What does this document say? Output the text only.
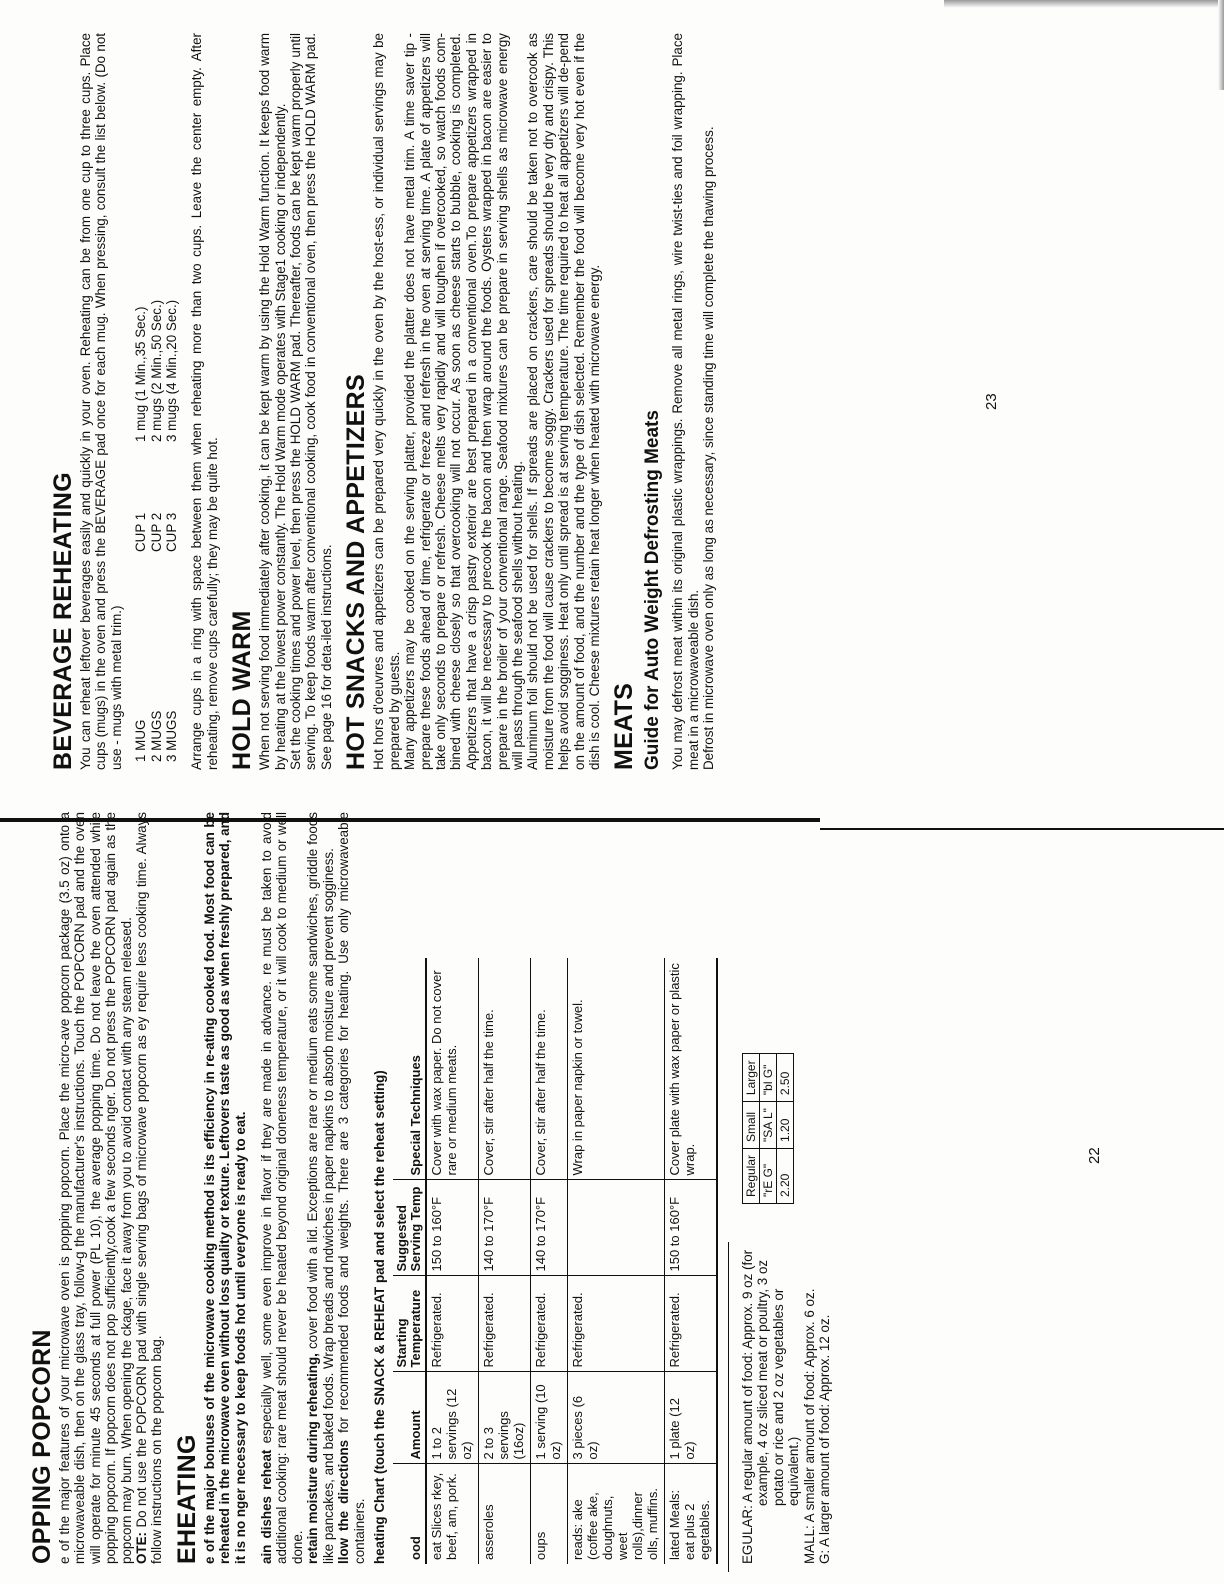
OPPING POPCORN e of the major features of your microwave oven is popping popcorn. Place the micro-ave popcorn package (3.5 oz) onto a microwaveable dish, then on the glass tray, follow-g the manufacturer's instructions. Touch the POPCORN pad and the oven will operate for minute 45 seconds at full power (PL 10), the average popping time. Do not leave the oven attended while popping popcorn. If popcorn does not pop sufficiently,cook a few seconds nger. Do not press the POPCORN pad again as the popcorn may burn. When opening the ckage, face it away from you to avoid contact with any steam released. OTE: Do not use the POPCORN pad with single serving bags of microwave popcorn as ey require less cooking time. Always follow instructions on the popcorn bag. EHEATING e of the major bonuses of the microwave cooking method is its efficiency in re-ating cooked food. Most food can be reheated in the microwave oven without loss quality or texture. Leftovers taste as good as when freshly prepared, and it is no nger necessary to keep foods hot until everyone is ready to eat. ain dishes reheat especially well, some even improve in flavor if they are made in advance. re must be taken to avoid additional cooking: rare meat should never be heated beyond original doneness temperature, or it will cook to medium or well done. retain moisture during reheating, cover food with a lid. Exceptions are rare or medium eats some sandwiches, griddle foods like pancakes, and baked foods. Wrap breads and ndwiches in paper napkins to absorb moisture and prevent sogginess. llow the directions for recommended foods and weights. There are 3 categories for heating. Use only microwaveable containers. heating Chart (touch the SNACK & REHEAT pad and select the reheat setting) ood	Amount	Starting Temperature	Suggested Serving Temp	Special Techniques
eat Slices rkey, beef, am, pork.	1 to 2 servings (12 oz)	Refrigerated.	150 to 160°F	Cover with wax paper. Do not cover rare or medium meats.
asseroles	2 to 3 servings (16oz)	Refrigerated.	140 to 170°F	Cover, stir after half the time.
oups	1 serving (10 oz)	Refrigerated.	140 to 170°F	Cover, stir after half the time.
reads: ake (coffee ake, doughnuts, weet rolls),dinner olls, muffins.	3 pieces (6 oz)	Refrigerated.		Wrap in paper napkin or towel.
lated Meals: eat plus 2 egetables.	1 plate (12 oz)	Refrigerated.	150 to 160°F	Cover plate with wax paper or plastic wrap.
EGULAR: A regular amount of food: Approx. 9 oz (for example, 4 oz sliced meat or poultry, 3 oz potato or rice and 2 oz vegetables or equivalent.)
MALL: A smaller amount of food: Approx. 6 oz.
G: A larger amount of food: Approx. 12 oz.
Regular	Small	Larger
"rE G"	"SA L"	"bl G"
2.20	1.20	2.50
22
BEVERAGE REHEATING You can reheat leftover beverages easily and quickly in your oven. Reheating can be from one cup to three cups. Place cups (mugs) in the oven and press the BEVERAGE pad once for each mug. When pressing, consult the list below. (Do not use - mugs with metal trim.) 1 MUG	CUP 1	1 mug (1 Min.,35 Sec.)
2 MUGS	CUP 2	2 mugs (2 Min.,50 Sec.)
3 MUGS	CUP 3	3 mugs (4 Min.,20 Sec.) Arrange cups in a ring with space between them when reheating more than two cups. Leave the center empty. After reheating, remove cups carefully; they may be quite hot. HOLD WARM When not serving food immediately after cooking, it can be kept warm by using the Hold Warm function. It keeps food warm by heating at the lowest power constantly. The Hold Warm mode operates with Stage1 cooking or independently. Set the cooking times and power level, then press the HOLD WARM pad. Thereafter, foods can be kept warm properly until serving. To keep foods warm after conventional cooking, cook food in conventional oven, then press the HOLD WARM pad. See page 16 for deta-iled instructions. HOT SNACKS AND APPETIZERS Hot hors d'oeuvres and appetizers can be prepared very quickly in the oven by the host-ess, or individual servings may be prepared by guests. Many appetizers may be cooked on the serving platter, provided the platter does not have metal trim. A time saver tip - prepare these foods ahead of time, refrigerate or freeze and refresh in the oven at serving time. A plate of appetizers will take only seconds to prepare or refresh. Cheese melts very rapidly and will toughen if overcooked, so watch foods com-bined with cheese closely so that overcooking will not occur. As soon as cheese starts to bubble, cooking is completed. Appetizers that have a crisp pastry exterior are best prepared in a conventional oven.To prepare appetizers wrapped in bacon, it will be necessary to precook the bacon and then wrap around the foods. Oysters wrapped in bacon are easier to prepare in the broiler of your conventional range. Seafood mixtures can be prepare in serving shells as microwave energy will pass through the seafood shells without heating. Aluminum foil should not be used for shells. If spreads are placed on crackers, care should be taken not to overcook as moisture from the food will cause crackers to become soggy. Crackers used for spreads should be very dry and crispy. This helps avoid sogginess. Heat only until spread is at serving temperature. The time required to heat all appetizers will de-pend on the amount of food, and the number and the type of dish selected. Remember the food will become very hot even if the dish is cool. Cheese mixtures retain heat longer when heated with microwave energy. MEATS Guide for Auto Weight Defrosting Meats You may defrost meat within its original plastic wrappings. Remove all metal rings, wire twist-ties and foil wrapping. Place meat in a microwaveable dish. Defrost in microwave oven only as long as necessary, since standing time will complete the thawing process.	23
